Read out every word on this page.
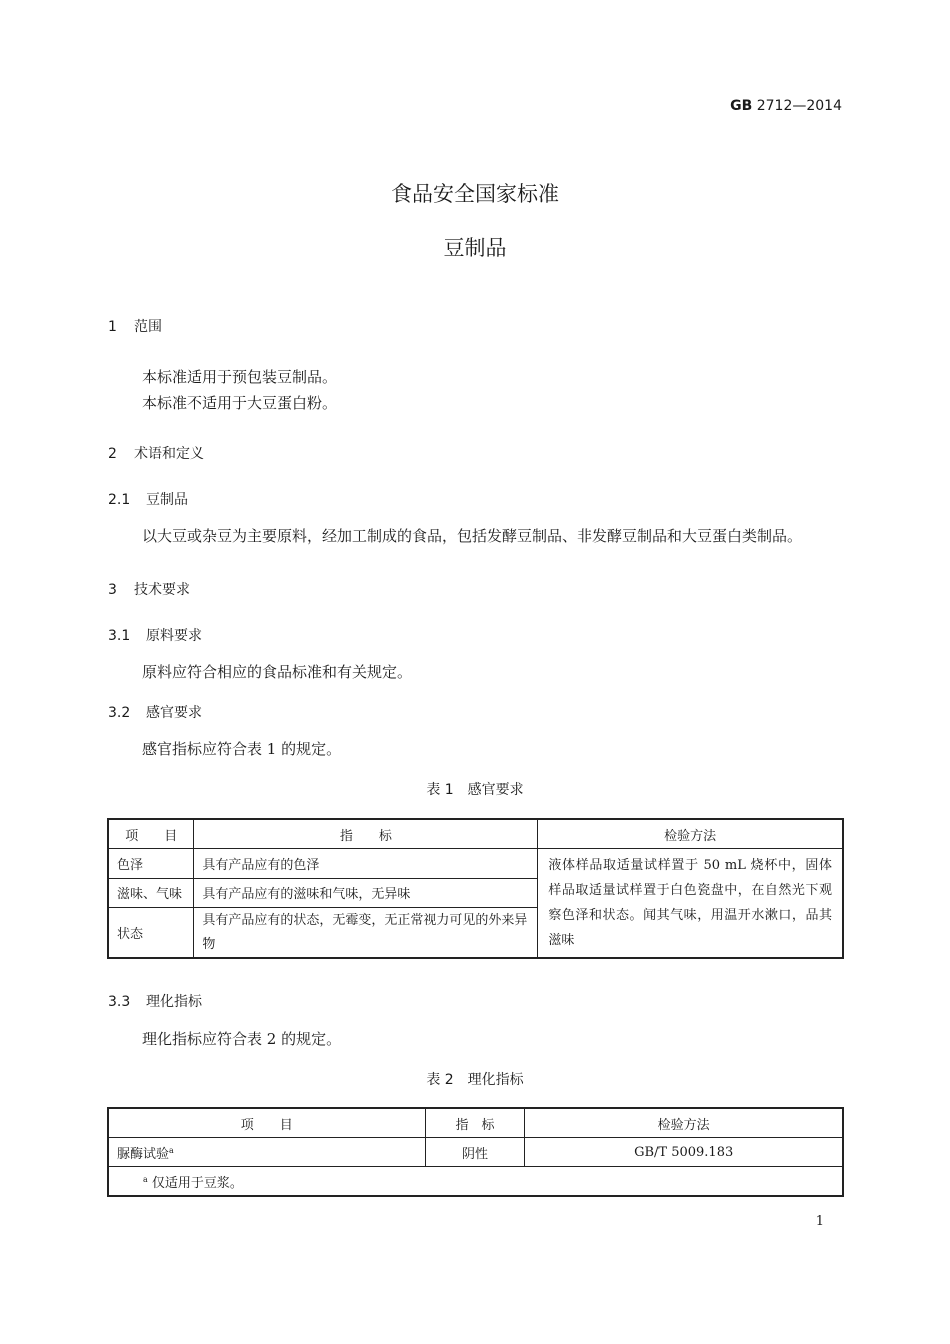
GB 2712—2014
食品安全国家标准
豆制品
1 范围
本标准适用于预包装豆制品。
本标准不适用于大豆蛋白粉。
2 术语和定义
2.1 豆制品
以大豆或杂豆为主要原料，经加工制成的食品，包括发酵豆制品、非发酵豆制品和大豆蛋白类制品。
3 技术要求
3.1 原料要求
原料应符合相应的食品标准和有关规定。
3.2 感官要求
感官指标应符合表 1 的规定。
表 1 感官要求
项　　目	指　　标	检验方法
色泽	具有产品应有的色泽	液体样品取适量试样置于 50 mL 烧杯中，固体样品取适量试样置于白色瓷盘中，在自然光下观察色泽和状态。闻其气味，用温开水漱口，品其滋味
滋味、气味	具有产品应有的滋味和气味，无异味	
状态	具有产品应有的状态，无霉变，无正常视力可见的外来异物	
3.3 理化指标
理化指标应符合表 2 的规定。
表 2 理化指标
项　　目	指　标	检验方法
脲酶试验$^a$	阴性	GB/T 5009.183
$^a$ 仅适用于豆浆。		
1
